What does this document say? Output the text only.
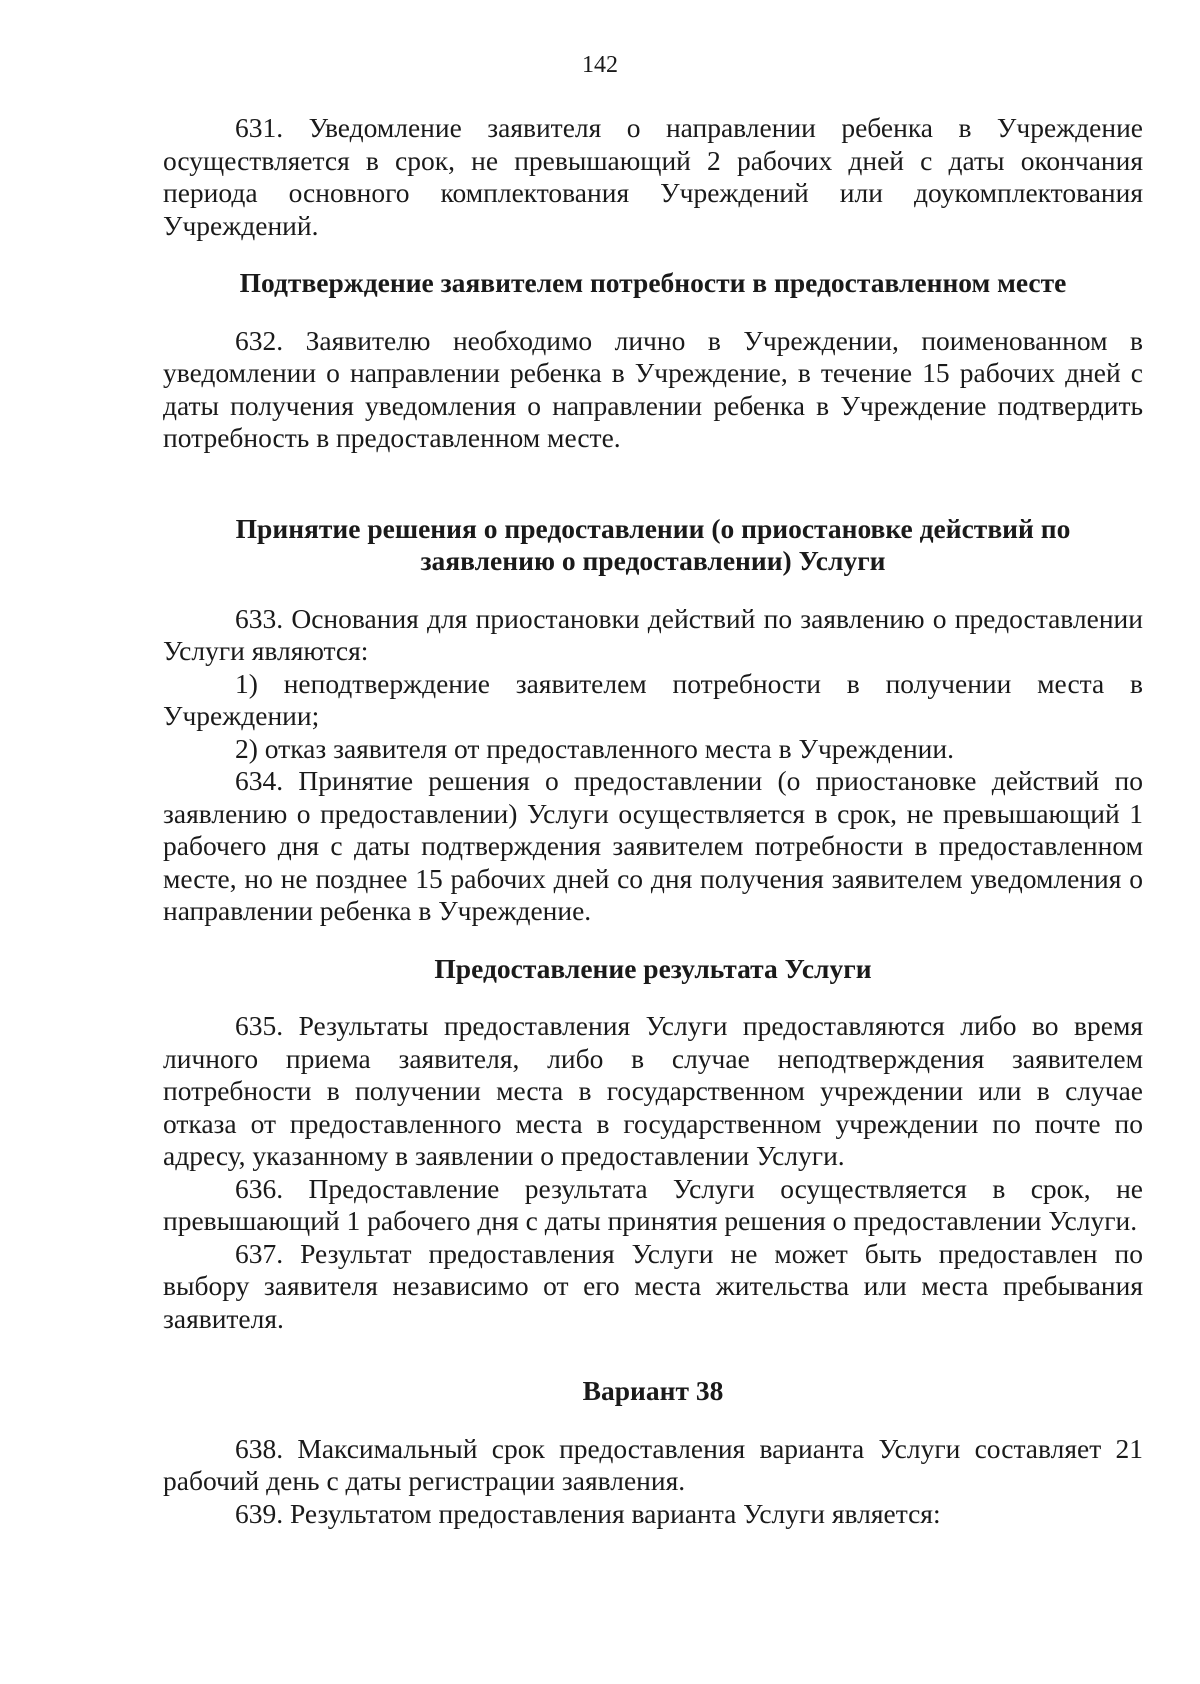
142

631. Уведомление заявителя о направлении ребенка в Учреждение осуществляется в срок, не превышающий 2 рабочих дней с даты окончания периода основного комплектования Учреждений или доукомплектования Учреждений.

Подтверждение заявителем потребности в предоставленном месте

632. Заявителю необходимо лично в Учреждении, поименованном в уведомлении о направлении ребенка в Учреждение, в течение 15 рабочих дней с даты получения уведомления о направлении ребенка в Учреждение подтвердить потребность в предоставленном месте.

Принятие решения о предоставлении (о приостановке действий по
заявлению о предоставлении) Услуги

633. Основания для приостановки действий по заявлению о предоставлении Услуги являются:

1) неподтверждение заявителем потребности в получении места в Учреждении;

2) отказ заявителя от предоставленного места в Учреждении.

634. Принятие решения о предоставлении (о приостановке действий по заявлению о предоставлении) Услуги осуществляется в срок, не превышающий 1 рабочего дня с даты подтверждения заявителем потребности в предоставленном месте, но не позднее 15 рабочих дней со дня получения заявителем уведомления о направлении ребенка в Учреждение.

Предоставление результата Услуги

635. Результаты предоставления Услуги предоставляются либо во время личного приема заявителя, либо в случае неподтверждения заявителем потребности в получении места в государственном учреждении или в случае отказа от предоставленного места в государственном учреждении по почте по адресу, указанному в заявлении о предоставлении Услуги.

636. Предоставление результата Услуги осуществляется в срок, не превышающий 1 рабочего дня с даты принятия решения о предоставлении Услуги.

637. Результат предоставления Услуги не может быть предоставлен по выбору заявителя независимо от его места жительства или места пребывания заявителя.

Вариант 38

638. Максимальный срок предоставления варианта Услуги составляет 21 рабочий день с даты регистрации заявления.

639. Результатом предоставления варианта Услуги является:
